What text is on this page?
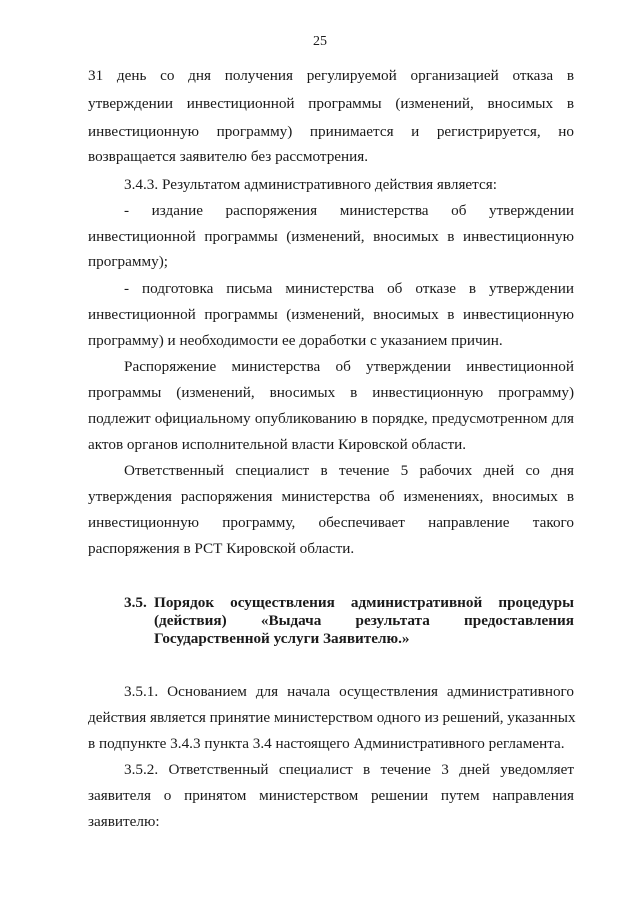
25
31 день со дня получения регулируемой организацией отказа в
утверждении инвестиционной программы (изменений, вносимых в
инвестиционную программу) принимается и регистрируется, но
возвращается заявителю без рассмотрения.
3.4.3. Результатом административного действия является:
- издание распоряжения министерства об утверждении
инвестиционной программы (изменений, вносимых в инвестиционную
программу);
- подготовка письма министерства об отказе в утверждении
инвестиционной программы (изменений, вносимых в инвестиционную
программу) и необходимости ее доработки с указанием причин.
Распоряжение министерства об утверждении инвестиционной
программы (изменений, вносимых в инвестиционную программу)
подлежит официальному опубликованию в порядке, предусмотренном для
актов органов исполнительной власти Кировской области.
Ответственный специалист в течение 5 рабочих дней со дня
утверждения распоряжения министерства об изменениях, вносимых в
инвестиционную программу, обеспечивает направление такого
распоряжения в РСТ Кировской области.
3.5. Порядок осуществления административной процедуры
(действия) «Выдача результата предоставления
Государственной услуги Заявителю.»
3.5.1. Основанием для начала осуществления административного
действия является принятие министерством одного из решений, указанных
в подпункте 3.4.3 пункта 3.4 настоящего Административного регламента.
3.5.2. Ответственный специалист в течение 3 дней уведомляет
заявителя о принятом министерством решении путем направления
заявителю:
